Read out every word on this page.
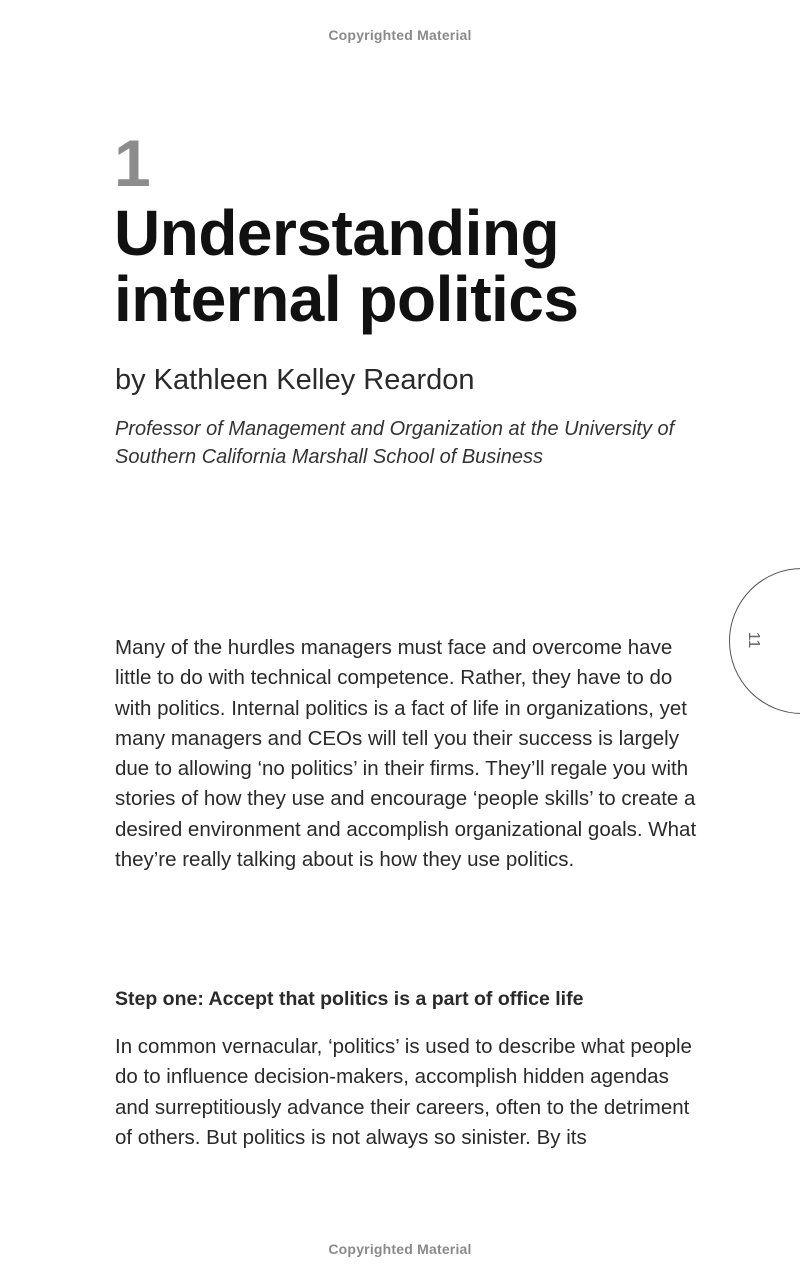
Copyrighted Material
1
Understanding
internal politics

by Kathleen Kelley Reardon

Professor of Management and Organization at the University of Southern California Marshall School of Business

11

Many of the hurdles managers must face and overcome have little to do with technical competence. Rather, they have to do with politics. Internal politics is a fact of life in organizations, yet many managers and CEOs will tell you their success is largely due to allowing ‘no politics’ in their firms. They’ll regale you with stories of how they use and encourage ‘people skills’ to create a desired environment and accomplish organizational goals. What they’re really talking about is how they use politics.

Step one: Accept that politics is a part of office life

In common vernacular, ‘politics’ is used to describe what people do to influence decision-makers, accomplish hidden agendas and surreptitiously advance their careers, often to the detriment of others. But politics is not always so sinister. By its

Copyrighted Material
